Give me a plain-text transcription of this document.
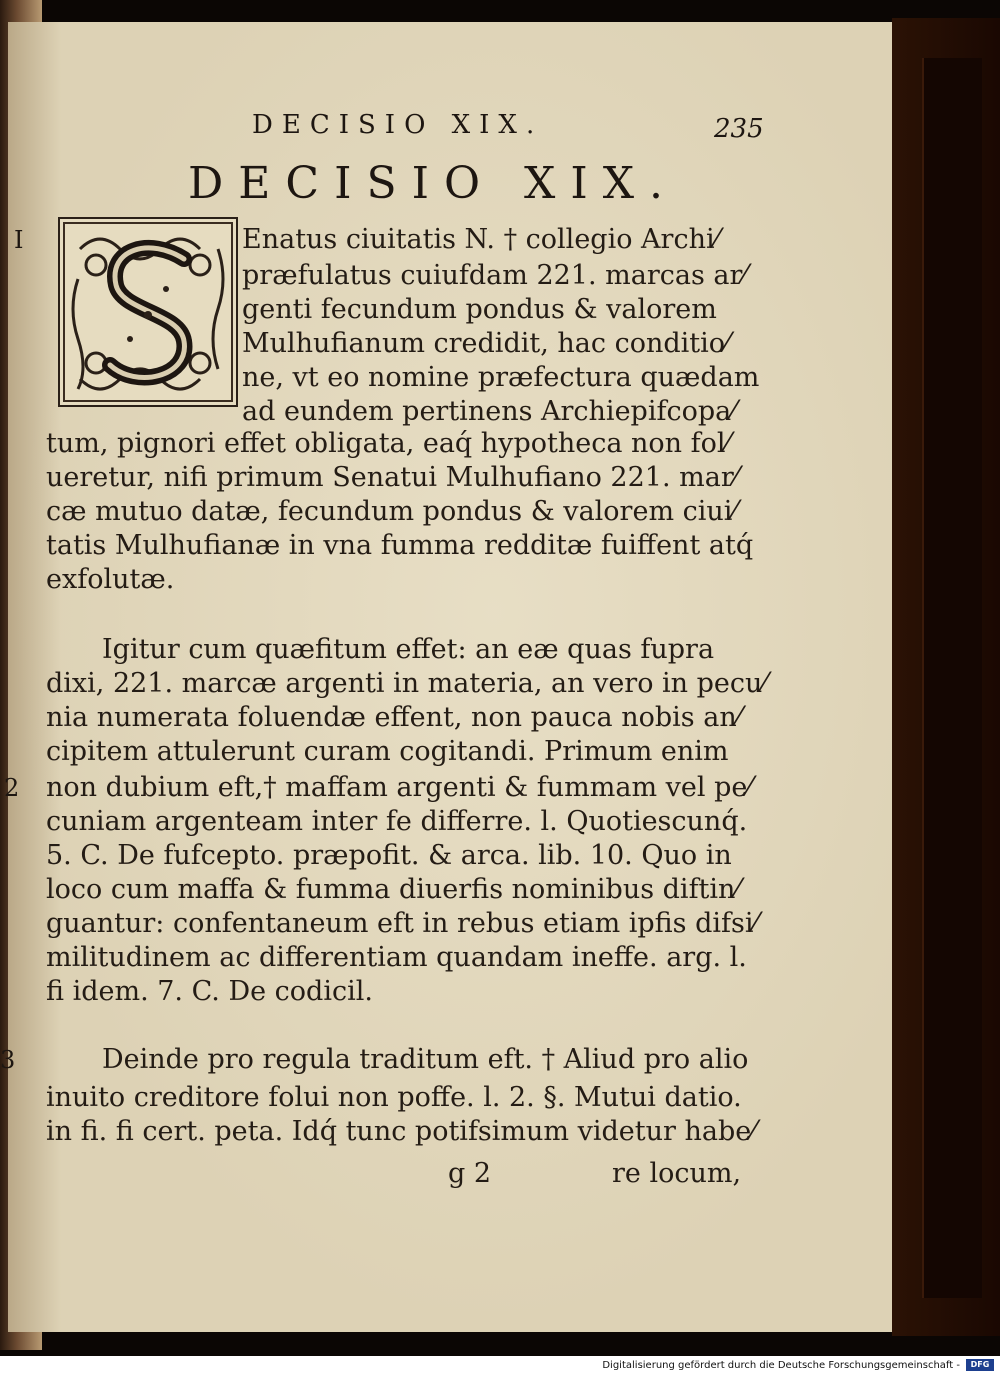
DECISIO XIX.	235
DECISIO XIX.
I
2
3
Enatus ciuitatis N. † collegio Archi⁄
præfulatus cuiufdam 221. marcas ar⁄
genti fecundum pondus & valorem
Mulhufianum credidit, hac conditio⁄
ne, vt eo nomine præfectura quædam
ad eundem pertinens Archiepifcopa⁄
tum, pignori effet obligata, eaq́ hypotheca non fol⁄
ueretur, nifi primum Senatui Mulhufiano 221. mar⁄
cæ mutuo datæ, fecundum pondus & valorem ciui⁄
tatis Mulhufianæ in vna fumma redditæ fuiffent atq́
exfolutæ.
Igitur cum quæfitum effet: an eæ quas fupra
dixi, 221. marcæ argenti in materia, an vero in pecu⁄
nia numerata foluendæ effent, non pauca nobis an⁄
cipitem attulerunt curam cogitandi. Primum enim
non dubium eft,† maffam argenti & fummam vel pe⁄
cuniam argenteam inter fe differre. l. Quotiescunq́.
5. C. De fufcepto. præpofit. & arca. lib. 10. Quo in
loco cum maffa & fumma diuerfis nominibus diftin⁄
guantur: confentaneum eft in rebus etiam ipfis difsi⁄
militudinem ac differentiam quandam ineffe. arg. l.
fi idem. 7. C. De codicil.
Deinde pro regula traditum eft. † Aliud pro alio
inuito creditore folui non poffe. l. 2. §. Mutui datio.
in fi. fi cert. peta. Idq́ tunc potifsimum videtur habe⁄
g 2	re locum,
Digitalisierung gefördert durch die Deutsche Forschungsgemeinschaft -	DFG
